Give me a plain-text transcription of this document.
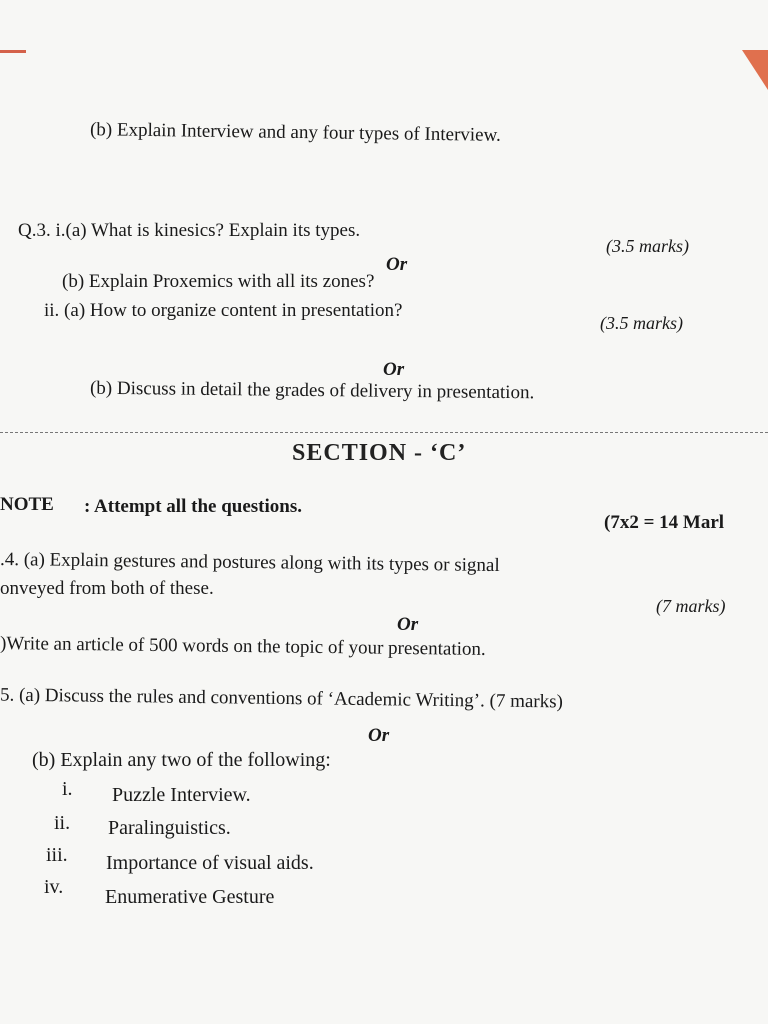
(b) Explain Interview and any four types of Interview.
Q.3. i.(a) What is kinesics? Explain its types.
(3.5 marks)
Or
(b) Explain Proxemics with all its zones?
ii. (a) How to organize content in presentation?
(3.5 marks)
Or
(b) Discuss in detail the grades of delivery in presentation.
SECTION - ‘C’
NOTE : Attempt all the questions.
(7x2 = 14 Marl
.4. (a) Explain gestures and postures along with its types or signal
onveyed from both of these.
(7 marks)
Or
)Write an article of 500 words on the topic of your presentation.
5. (a) Discuss the rules and conventions of ‘Academic Writing’. (7 marks)
Or
(b) Explain any two of the following:
i. Puzzle Interview.
ii. Paralinguistics.
iii. Importance of visual aids.
iv. Enumerative Gesture
